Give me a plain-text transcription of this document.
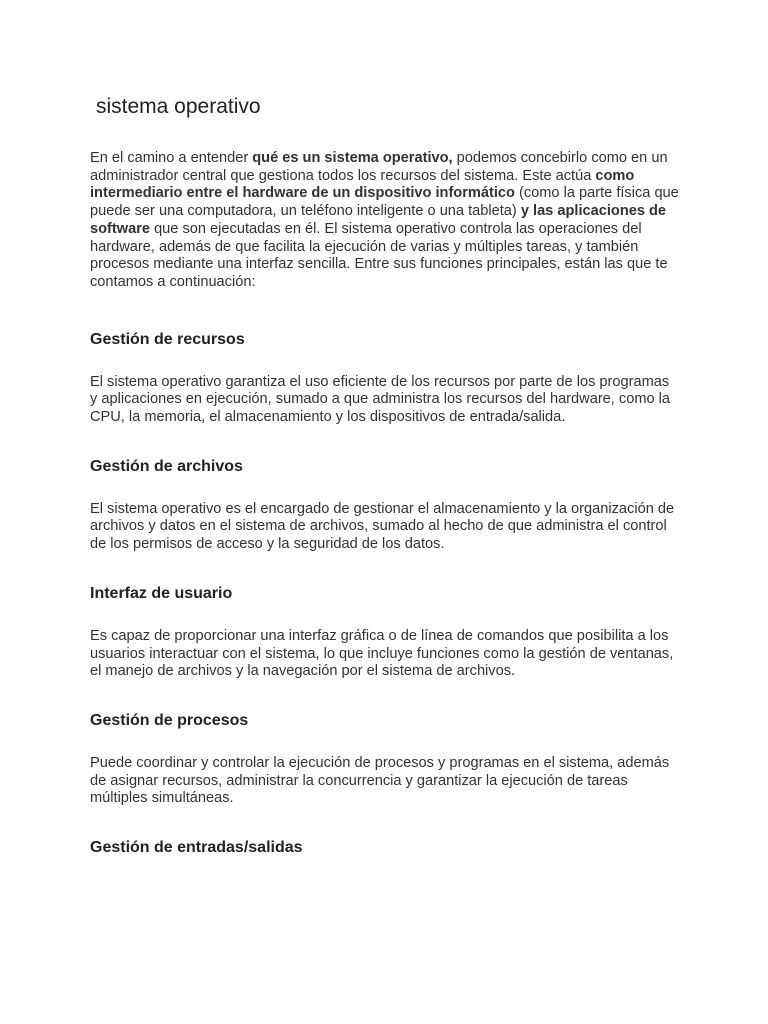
sistema operativo

En el camino a entender qué es un sistema operativo, podemos concebirlo como en un administrador central que gestiona todos los recursos del sistema. Este actúa como intermediario entre el hardware de un dispositivo informático (como la parte física que puede ser una computadora, un teléfono inteligente o una tableta) y las aplicaciones de software que son ejecutadas en él. El sistema operativo controla las operaciones del hardware, además de que facilita la ejecución de varias y múltiples tareas, y también procesos mediante una interfaz sencilla. Entre sus funciones principales, están las que te contamos a continuación:

Gestión de recursos

El sistema operativo garantiza el uso eficiente de los recursos por parte de los programas y aplicaciones en ejecución, sumado a que administra los recursos del hardware, como la CPU, la memoria, el almacenamiento y los dispositivos de entrada/salida.

Gestión de archivos

El sistema operativo es el encargado de gestionar el almacenamiento y la organización de archivos y datos en el sistema de archivos, sumado al hecho de que administra el control de los permisos de acceso y la seguridad de los datos.

Interfaz de usuario

Es capaz de proporcionar una interfaz gráfica o de línea de comandos que posibilita a los usuarios interactuar con el sistema, lo que incluye funciones como la gestión de ventanas, el manejo de archivos y la navegación por el sistema de archivos.

Gestión de procesos

Puede coordinar y controlar la ejecución de procesos y programas en el sistema, además de asignar recursos, administrar la concurrencia y garantizar la ejecución de tareas múltiples simultáneas.

Gestión de entradas/salidas
